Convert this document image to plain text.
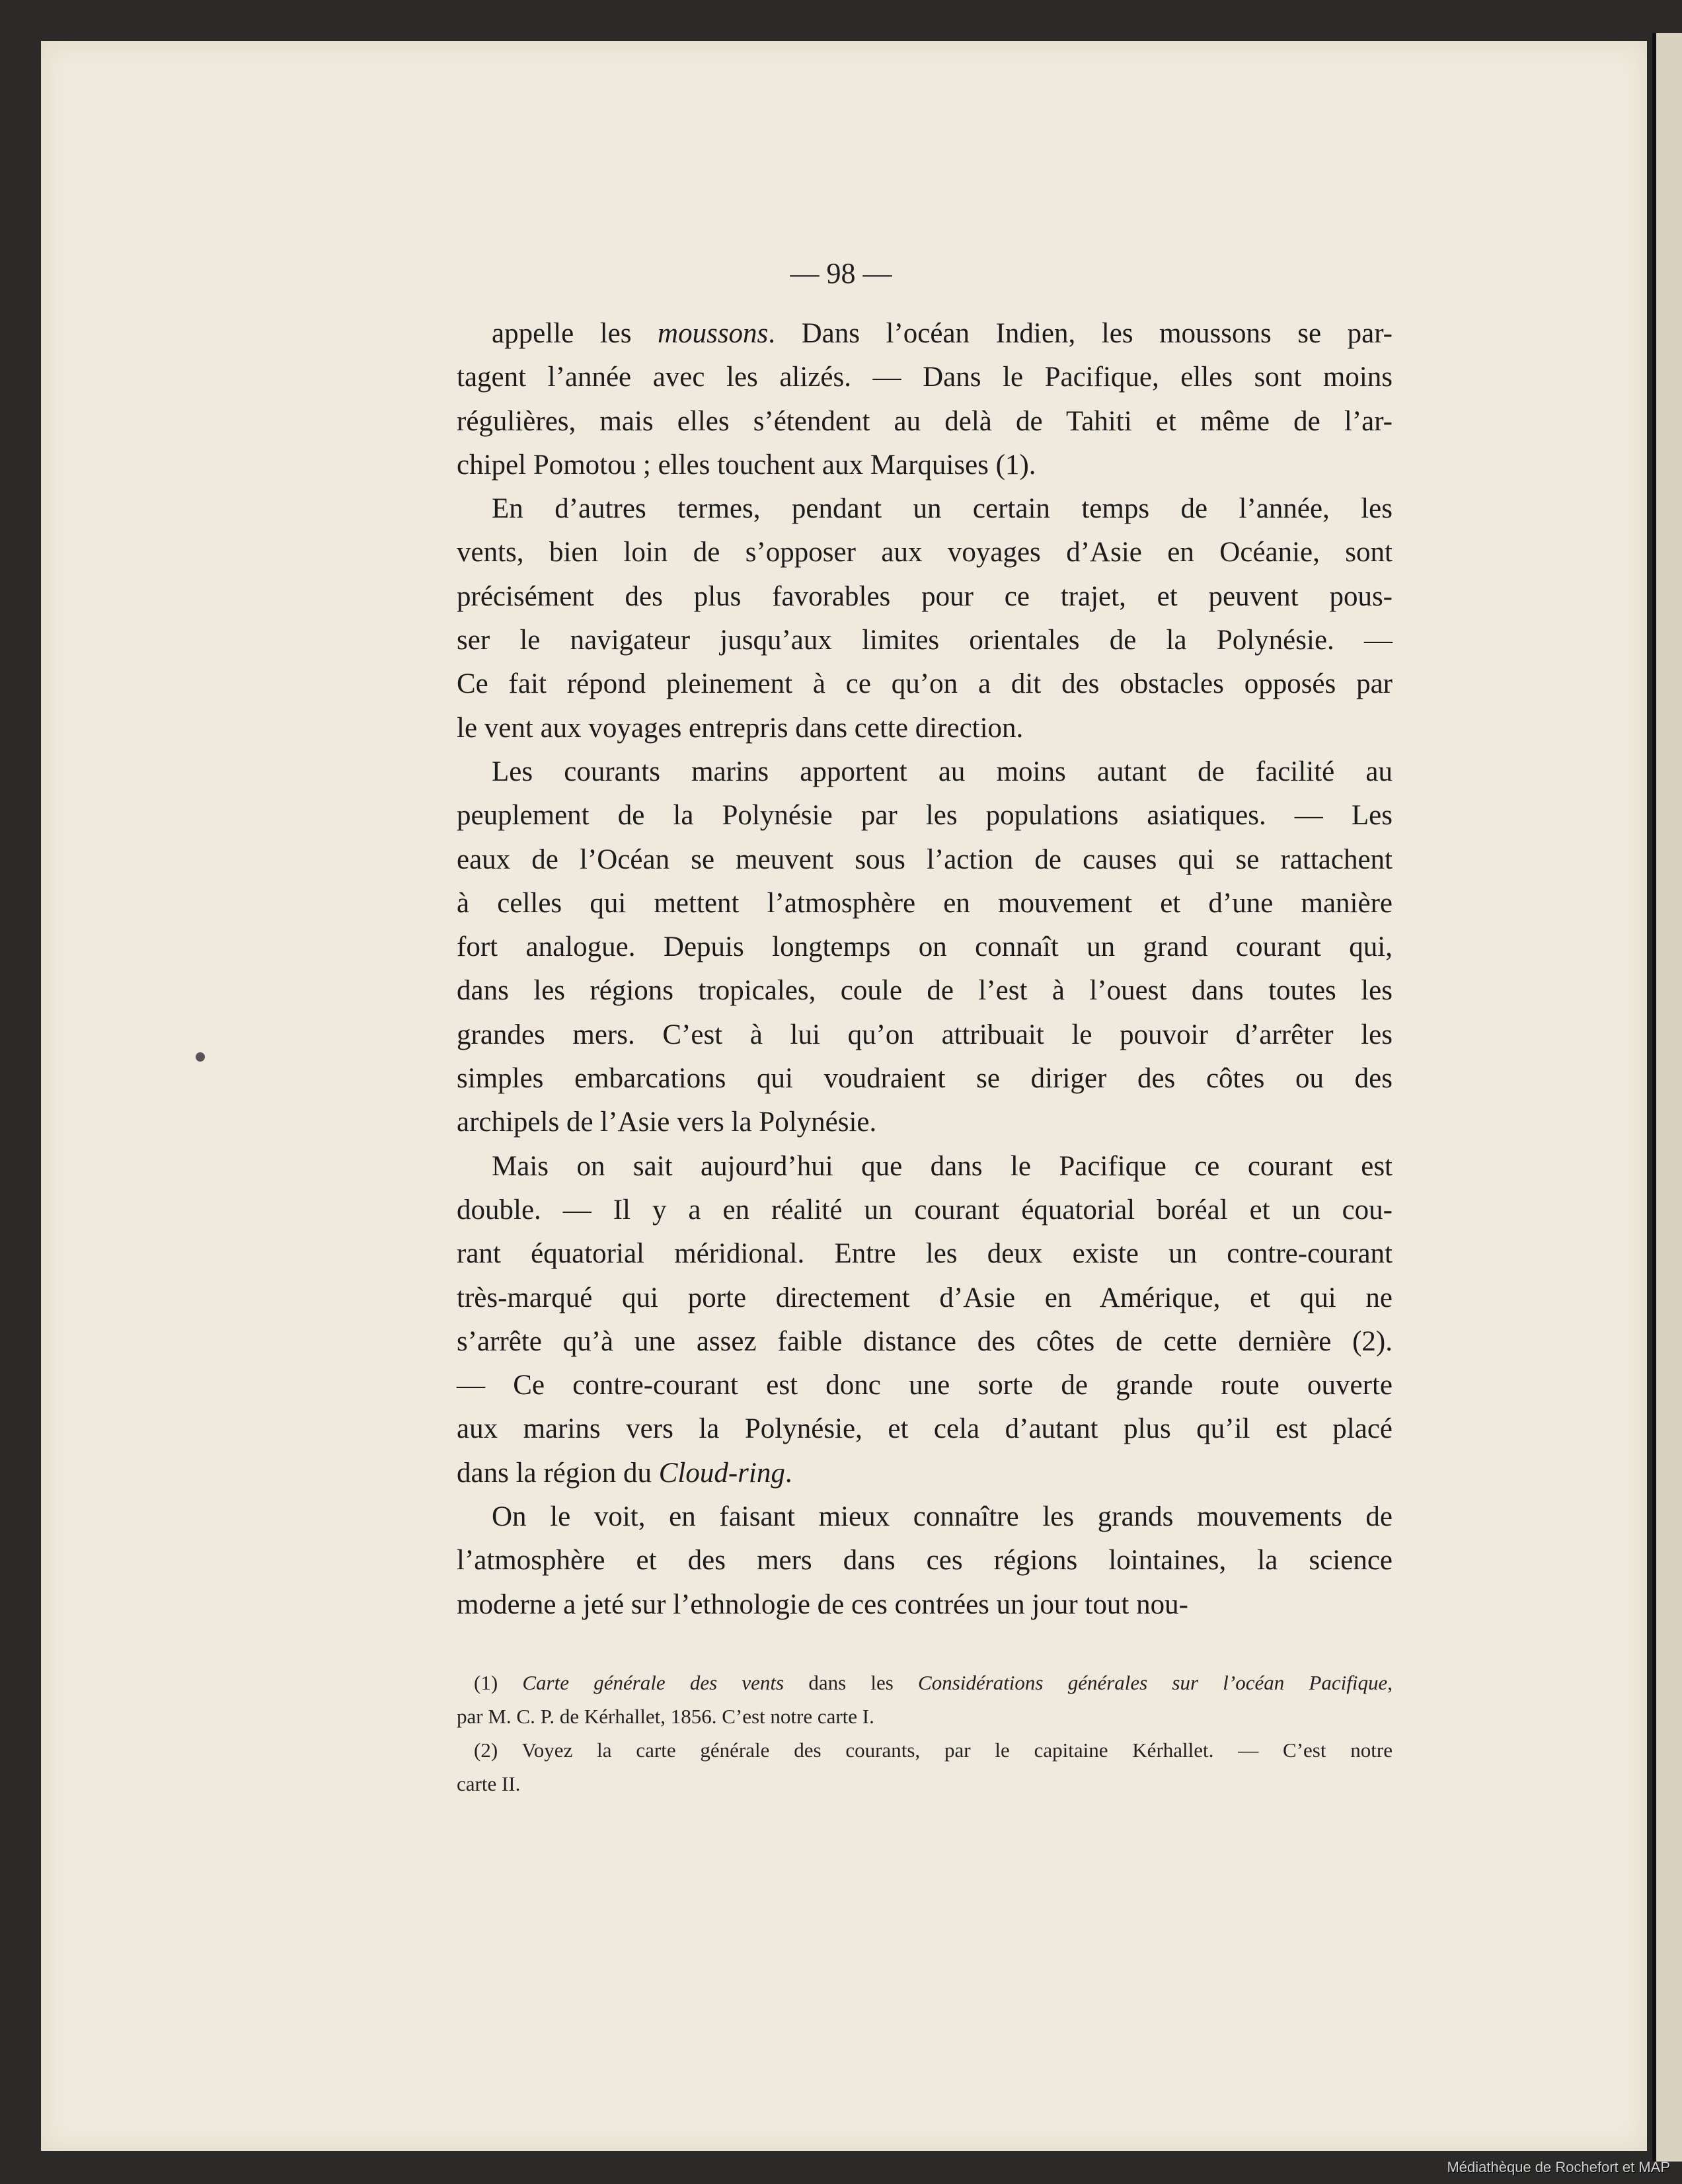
— 98 —
appelle les moussons. Dans l’océan Indien, les moussons se par-
tagent l’année avec les alizés. — Dans le Pacifique, elles sont moins
régulières, mais elles s’étendent au delà de Tahiti et même de l’ar-
chipel Pomotou ; elles touchent aux Marquises (1).
En d’autres termes, pendant un certain temps de l’année, les
vents, bien loin de s’opposer aux voyages d’Asie en Océanie, sont
précisément des plus favorables pour ce trajet, et peuvent pous-
ser le navigateur jusqu’aux limites orientales de la Polynésie. —
Ce fait répond pleinement à ce qu’on a dit des obstacles opposés par
le vent aux voyages entrepris dans cette direction.
Les courants marins apportent au moins autant de facilité au
peuplement de la Polynésie par les populations asiatiques. — Les
eaux de l’Océan se meuvent sous l’action de causes qui se rattachent
à celles qui mettent l’atmosphère en mouvement et d’une manière
fort analogue. Depuis longtemps on connaît un grand courant qui,
dans les régions tropicales, coule de l’est à l’ouest dans toutes les
grandes mers. C’est à lui qu’on attribuait le pouvoir d’arrêter les
simples embarcations qui voudraient se diriger des côtes ou des
archipels de l’Asie vers la Polynésie.
Mais on sait aujourd’hui que dans le Pacifique ce courant est
double. — Il y a en réalité un courant équatorial boréal et un cou-
rant équatorial méridional. Entre les deux existe un contre-courant
très-marqué qui porte directement d’Asie en Amérique, et qui ne
s’arrête qu’à une assez faible distance des côtes de cette dernière (2).
— Ce contre-courant est donc une sorte de grande route ouverte
aux marins vers la Polynésie, et cela d’autant plus qu’il est placé
dans la région du Cloud-ring.
On le voit, en faisant mieux connaître les grands mouvements de
l’atmosphère et des mers dans ces régions lointaines, la science
moderne a jeté sur l’ethnologie de ces contrées un jour tout nou-
(1) Carte générale des vents dans les Considérations générales sur l’océan Pacifique,
par M. C. P. de Kérhallet, 1856. C’est notre carte I.
(2) Voyez la carte générale des courants, par le capitaine Kérhallet. — C’est notre
carte II.
Médiathèque de Rochefort et MAP
